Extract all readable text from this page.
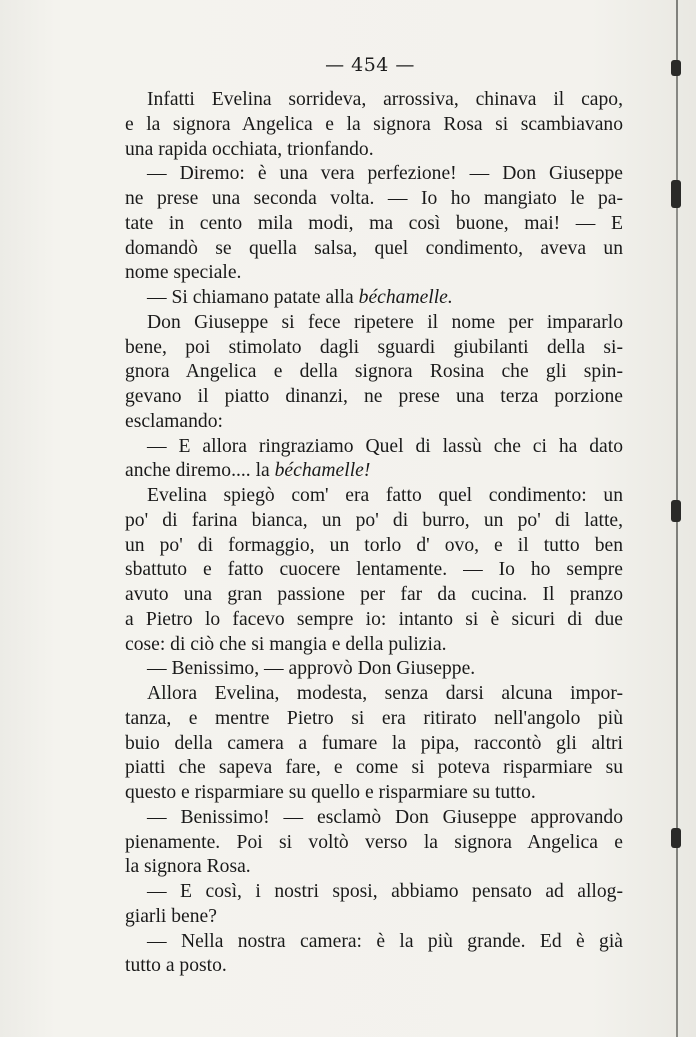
— 454 —
Infatti Evelina sorrideva, arrossiva, chinava il capo,
e la signora Angelica e la signora Rosa si scambiavano
una rapida occhiata, trionfando.
— Diremo: è una vera perfezione! — Don Giuseppe
ne prese una seconda volta. — Io ho mangiato le pa-
tate in cento mila modi, ma così buone, mai! — E
domandò se quella salsa, quel condimento, aveva un
nome speciale.
— Si chiamano patate alla béchamelle.
Don Giuseppe si fece ripetere il nome per impararlo
bene, poi stimolato dagli sguardi giubilanti della si-
gnora Angelica e della signora Rosina che gli spin-
gevano il piatto dinanzi, ne prese una terza porzione
esclamando:
— E allora ringraziamo Quel di lassù che ci ha dato
anche diremo.... la béchamelle!
Evelina spiegò com' era fatto quel condimento: un
po' di farina bianca, un po' di burro, un po' di latte,
un po' di formaggio, un torlo d' ovo, e il tutto ben
sbattuto e fatto cuocere lentamente. — Io ho sempre
avuto una gran passione per far da cucina. Il pranzo
a Pietro lo facevo sempre io: intanto si è sicuri di due
cose: di ciò che si mangia e della pulizia.
— Benissimo, — approvò Don Giuseppe.
Allora Evelina, modesta, senza darsi alcuna impor-
tanza, e mentre Pietro si era ritirato nell'angolo più
buio della camera a fumare la pipa, raccontò gli altri
piatti che sapeva fare, e come si poteva risparmiare su
questo e risparmiare su quello e risparmiare su tutto.
— Benissimo! — esclamò Don Giuseppe approvando
pienamente. Poi si voltò verso la signora Angelica e
la signora Rosa.
— E così, i nostri sposi, abbiamo pensato ad allog-
giarli bene?
— Nella nostra camera: è la più grande. Ed è già
tutto a posto.
